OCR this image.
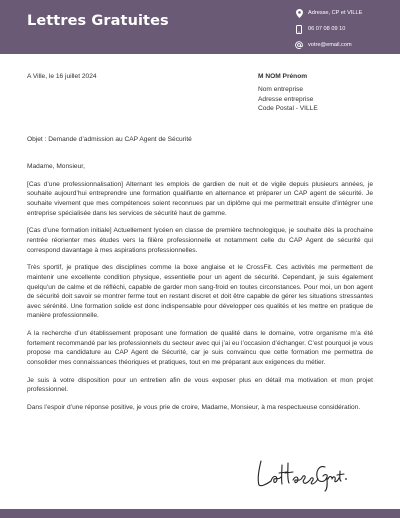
Lettres Gratuites	Adresse, CP et VILLE
06 07 08 09 10
votre@email.com
A Ville, le 16 juillet 2024	M NOM Prénom
Nom entreprise
Adresse entreprise
Code Postal - VILLE
Objet : Demande d’admission au CAP Agent de Sécurité

Madame, Monsieur,

[Cas d’une professionnalisation] Alternant les emplois de gardien de nuit et de vigile depuis plusieurs années, je souhaite aujourd’hui entreprendre une formation qualifiante en alternance et préparer un CAP agent de sécurité. Je souhaite vivement que mes compétences soient reconnues par un diplôme qui me permettrait ensuite d’intégrer une entreprise spécialisée dans les services de sécurité haut de gamme.

[Cas d’une formation initiale] Actuellement lycéen en classe de première technologique, je souhaite dès la prochaine rentrée réorienter mes études vers la filière professionnelle et notamment celle du CAP Agent de sécurité qui correspond davantage à mes aspirations professionnelles.

Très sportif, je pratique des disciplines comme la boxe anglaise et le CrossFit. Ces activités me permettent de maintenir une excellente condition physique, essentielle pour un agent de sécurité. Cependant, je suis également quelqu’un de calme et de réfléchi, capable de garder mon sang-froid en toutes circonstances. Pour moi, un bon agent de sécurité doit savoir se montrer ferme tout en restant discret et doit être capable de gérer les situations stressantes avec sérénité. Une formation solide est donc indispensable pour développer ces qualités et les mettre en pratique de manière professionnelle.

A la recherche d’un établissement proposant une formation de qualité dans le domaine, votre organisme m’a été fortement recommandé par les professionnels du secteur avec qui j’ai eu l’occasion d’échanger. C’est pourquoi je vous propose ma candidature au CAP Agent de Sécurité, car je suis convaincu que cette formation me permettra de consolider mes connaissances théoriques et pratiques, tout en me préparant aux exigences du métier.

Je suis à votre disposition pour un entretien afin de vous exposer plus en détail ma motivation et mon projet professionnel.

Dans l’espoir d’une réponse positive, je vous prie de croire, Madame, Monsieur, à ma respectueuse considération.
